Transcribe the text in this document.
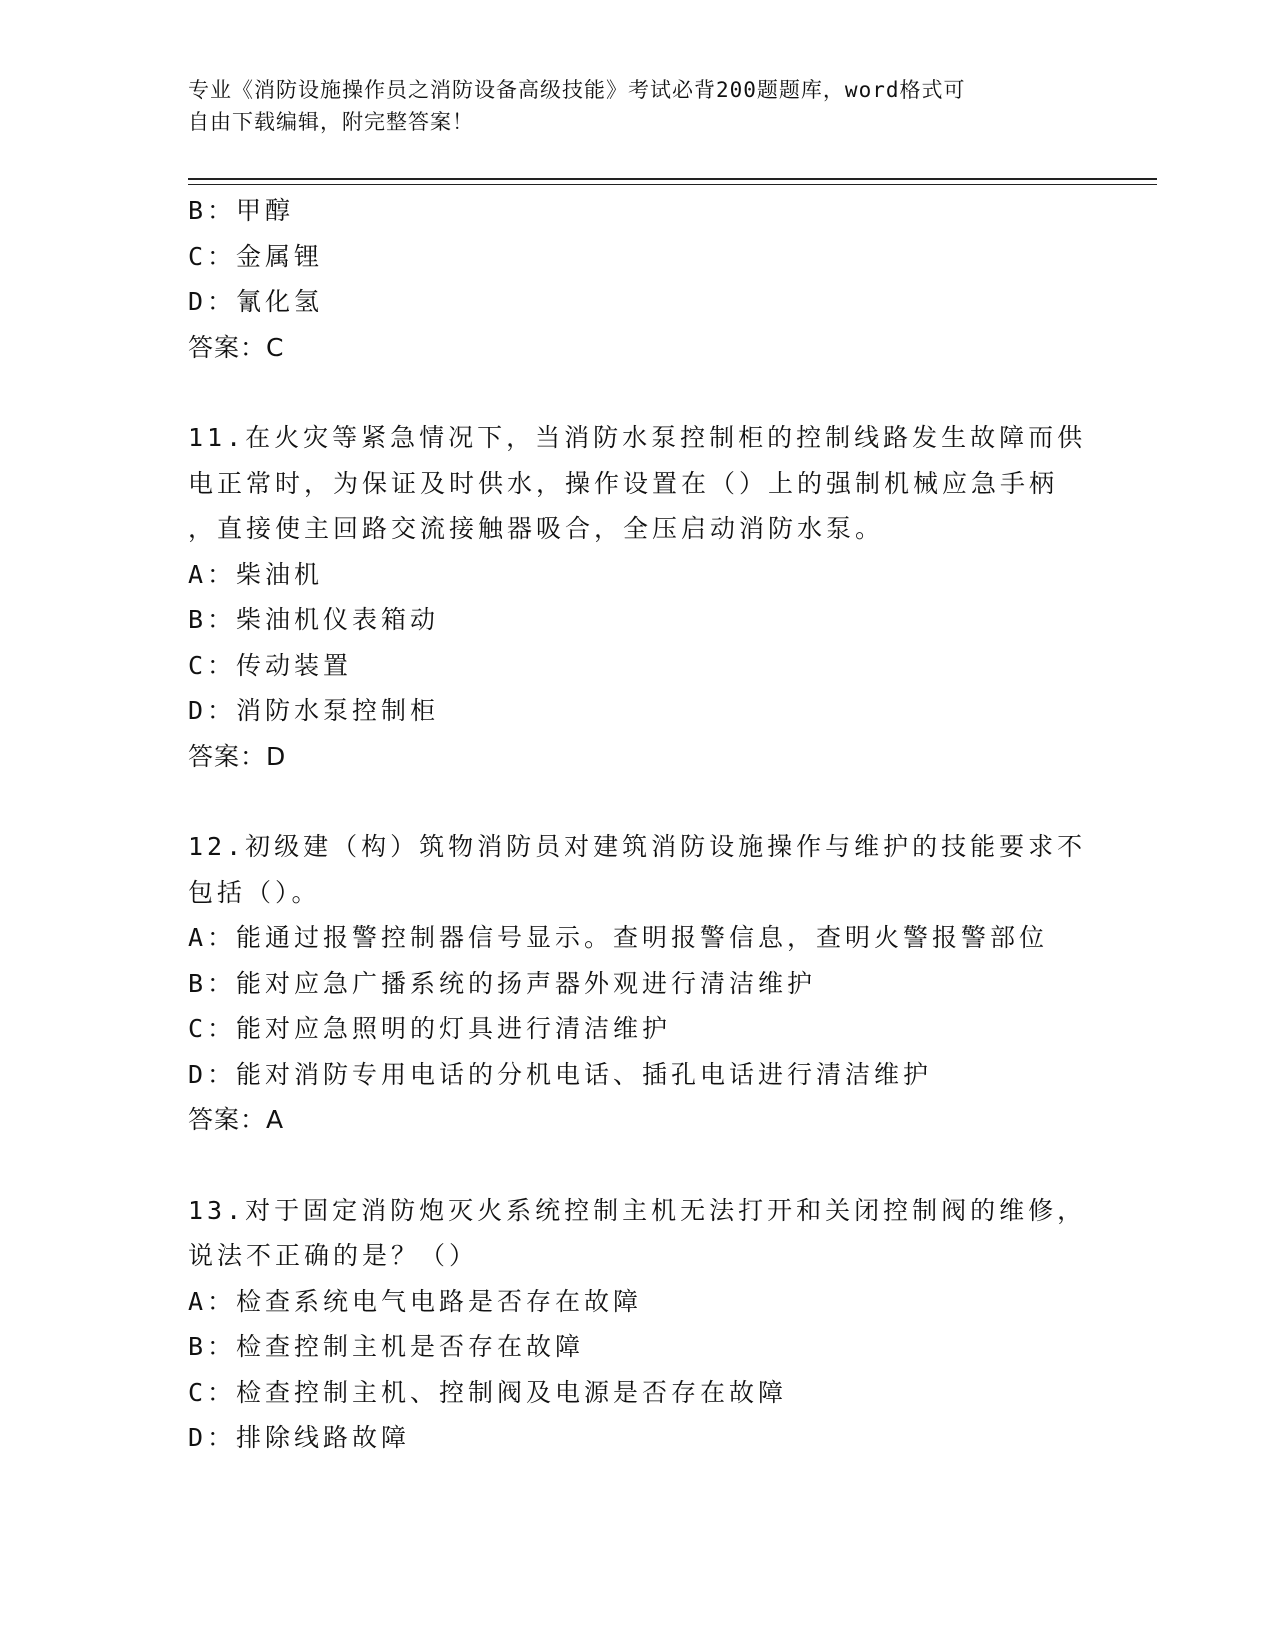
专业《消防设施操作员之消防设备高级技能》考试必背200题题库，word格式可
自由下载编辑，附完整答案！
B：甲醇
C：金属锂
D：氰化氢
答案：C
11.在火灾等紧急情况下，当消防水泵控制柜的控制线路发生故障而供
电正常时，为保证及时供水，操作设置在（）上的强制机械应急手柄
，直接使主回路交流接触器吸合，全压启动消防水泵。
A：柴油机
B：柴油机仪表箱动
C：传动装置
D：消防水泵控制柜
答案：D
12.初级建（构）筑物消防员对建筑消防设施操作与维护的技能要求不
包括（）。
A：能通过报警控制器信号显示。查明报警信息，查明火警报警部位
B：能对应急广播系统的扬声器外观进行清洁维护
C：能对应急照明的灯具进行清洁维护
D：能对消防专用电话的分机电话、插孔电话进行清洁维护
答案：A
13.对于固定消防炮灭火系统控制主机无法打开和关闭控制阀的维修，
说法不正确的是？（）
A：检查系统电气电路是否存在故障
B：检查控制主机是否存在故障
C：检查控制主机、控制阀及电源是否存在故障
D：排除线路故障
